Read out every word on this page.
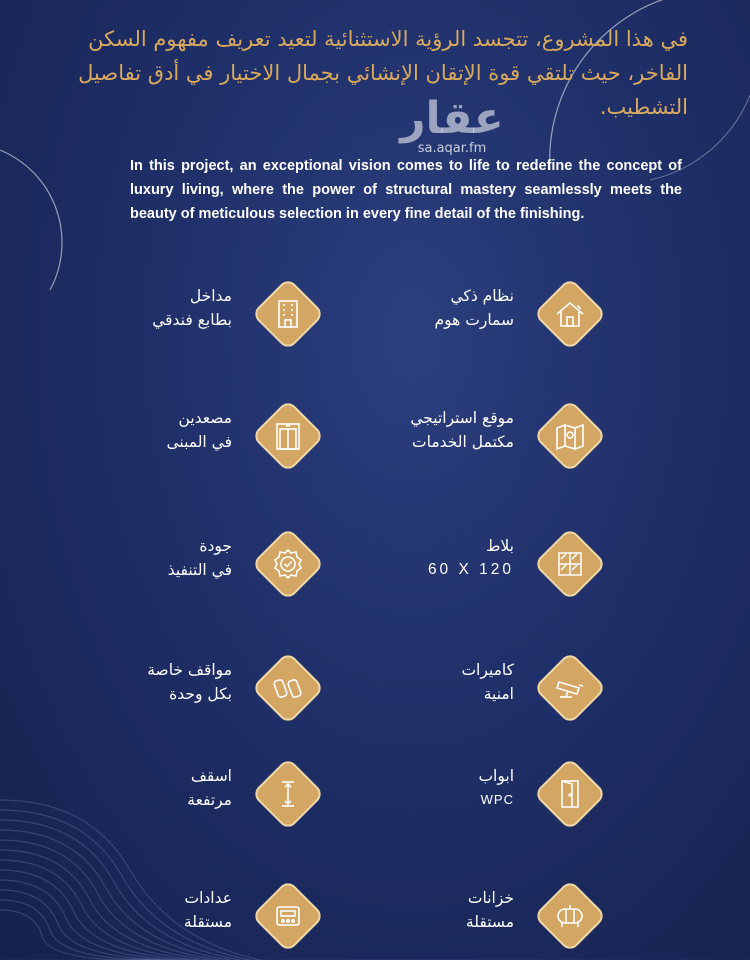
في هذا المشروع، تتجسد الرؤية الاستثنائية لتعيد تعريف مفهوم السكن الفاخر، حيث تلتقي قوة الإتقان الإنشائي بجمال الاختيار في أدق تفاصيل التشطيب.
عقار
sa.aqar.fm
In this project, an exceptional vision comes to life to redefine the concept of luxury living, where the power of structural mastery seamlessly meets the beauty of meticulous selection in every fine detail of the finishing.
مداخل
بطابع فندقي
نظام ذكي
سمارت هوم
مصعدين
في المبنى
موقع استراتيجي
مكتمل الخدمات
جودة
في التنفيذ
بلاط
60 X 120
مواقف خاصة
بكل وحدة
كاميرات
امنية
اسقف
مرتفعة
ابواب
WPC
عدادات
مستقلة
خزانات
مستقلة
